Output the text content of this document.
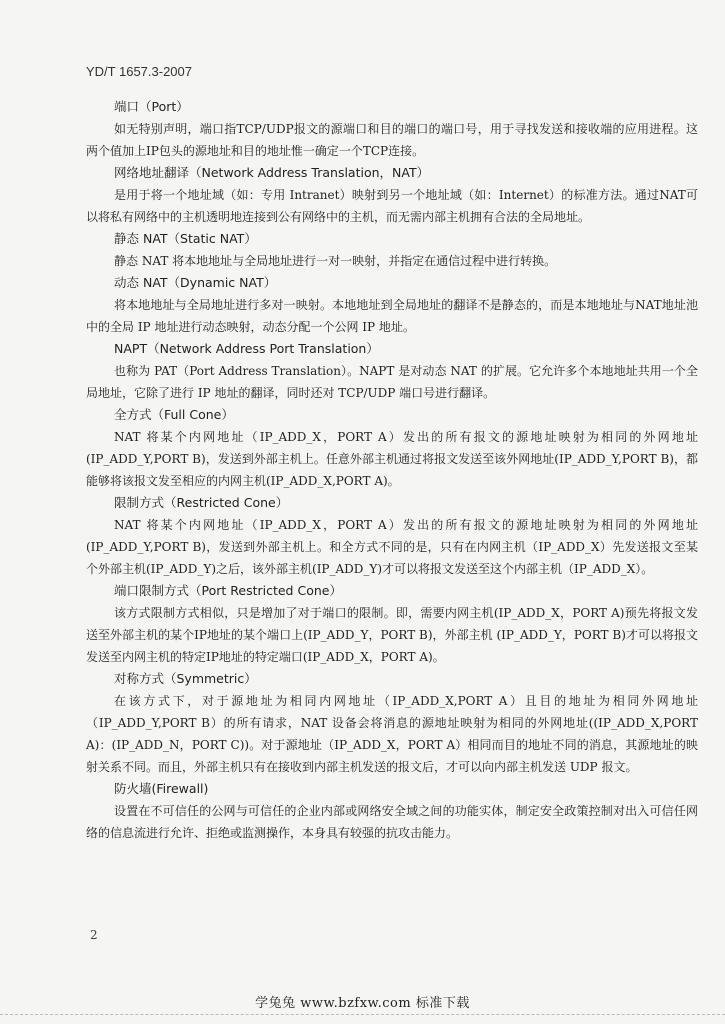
YD/T 1657.3-2007
端口（Port）

如无特别声明，端口指TCP/UDP报文的源端口和目的端口的端口号，用于寻找发送和接收端的应用进程。这两个值加上IP包头的源地址和目的地址惟一确定一个TCP连接。

网络地址翻译（Network Address Translation，NAT）

是用于将一个地址域（如：专用 Intranet）映射到另一个地址域（如：Internet）的标准方法。通过NAT可以将私有网络中的主机透明地连接到公有网络中的主机，而无需内部主机拥有合法的全局地址。

静态 NAT（Static NAT）

静态 NAT 将本地地址与全局地址进行一对一映射，并指定在通信过程中进行转换。

动态 NAT（Dynamic NAT）

将本地地址与全局地址进行多对一映射。本地地址到全局地址的翻译不是静态的，而是本地地址与NAT地址池中的全局 IP 地址进行动态映射，动态分配一个公网 IP 地址。

NAPT（Network Address Port Translation）

也称为 PAT（Port Address Translation）。NAPT 是对动态 NAT 的扩展。它允许多个本地地址共用一个全局地址，它除了进行 IP 地址的翻译，同时还对 TCP/UDP 端口号进行翻译。

全方式（Full Cone）

NAT 将某个内网地址（IP_ADD_X，PORT A）发出的所有报文的源地址映射为相同的外网地址(IP_ADD_Y,PORT B)，发送到外部主机上。任意外部主机通过将报文发送至该外网地址(IP_ADD_Y,PORT B)，都能够将该报文发至相应的内网主机(IP_ADD_X,PORT A)。

限制方式（Restricted Cone）

NAT 将某个内网地址（IP_ADD_X，PORT A）发出的所有报文的源地址映射为相同的外网地址(IP_ADD_Y,PORT B)，发送到外部主机上。和全方式不同的是，只有在内网主机（IP_ADD_X）先发送报文至某个外部主机(IP_ADD_Y)之后，该外部主机(IP_ADD_Y)才可以将报文发送至这个内部主机（IP_ADD_X）。

端口限制方式（Port Restricted Cone）

该方式限制方式相似，只是增加了对于端口的限制。即，需要内网主机(IP_ADD_X，PORT A)预先将报文发送至外部主机的某个IP地址的某个端口上(IP_ADD_Y，PORT B)，外部主机 (IP_ADD_Y，PORT B)才可以将报文发送至内网主机的特定IP地址的特定端口(IP_ADD_X，PORT A)。

对称方式（Symmetric）

在该方式下，对于源地址为相同内网地址（IP_ADD_X,PORT A）且目的地址为相同外网地址（IP_ADD_Y,PORT B）的所有请求，NAT 设备会将消息的源地址映射为相同的外网地址((IP_ADD_X,PORT A)：(IP_ADD_N，PORT C))。对于源地址（IP_ADD_X，PORT A）相同而目的地址不同的消息，其源地址的映射关系不同。而且，外部主机只有在接收到内部主机发送的报文后，才可以向内部主机发送 UDP 报文。

防火墙(Firewall)

设置在不可信任的公网与可信任的企业内部或网络安全域之间的功能实体，制定安全政策控制对出入可信任网络的信息流进行允许、拒绝或监测操作，本身具有较强的抗攻击能力。

2
学兔兔 www.bzfxw.com 标准下载
